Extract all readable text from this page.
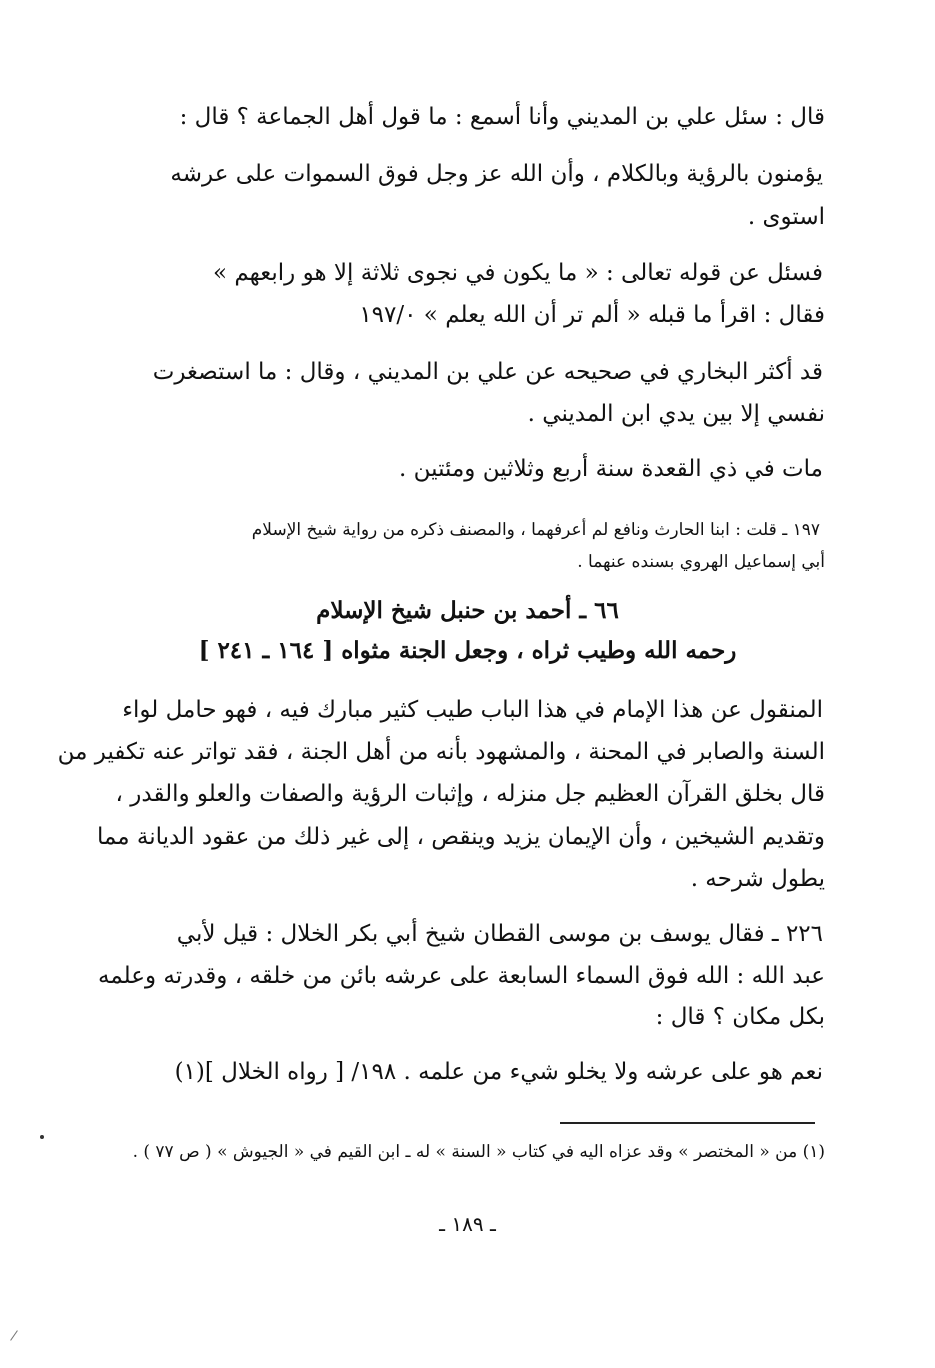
قال : سئل علي بن المديني وأنا أسمع : ما قول أهل الجماعة ؟ قال :
يؤمنون بالرؤية وبالكلام ، وأن الله عز وجل فوق السموات على عرشه
استوى .
فسئل عن قوله تعالى : « ما يكون في نجوى ثلاثة إلا هو رابعهم »
فقال : اقرأ ما قبله « ألم تر أن الله يعلم » ١٩٧/٠
قد أكثر البخاري في صحيحه عن علي بن المديني ، وقال : ما استصغرت
نفسي إلا بين يدي ابن المديني .
مات في ذي القعدة سنة أربع وثلاثين ومئتين .
١٩٧ ـ قلت : ابنا الحارث ونافع لم أعرفهما ، والمصنف ذكره من رواية شيخ الإسلام
أبي إسماعيل الهروي بسنده عنهما .
٦٦ ـ أحمد بن حنبل شيخ الإسلام
رحمه الله وطيب ثراه ، وجعل الجنة مثواه [ ١٦٤ ـ ٢٤١ ]
المنقول عن هذا الإمام في هذا الباب طيب كثير مبارك فيه ، فهو حامل لواء
السنة والصابر في المحنة ، والمشهود بأنه من أهل الجنة ، فقد تواتر عنه تكفير من
قال بخلق القرآن العظيم جل منزله ، وإثبات الرؤية والصفات والعلو والقدر ،
وتقديم الشيخين ، وأن الإيمان يزيد وينقص ، إلى غير ذلك من عقود الديانة مما
يطول شرحه .
٢٢٦ ـ فقال يوسف بن موسى القطان شيخ أبي بكر الخلال : قيل لأبي
عبد الله : الله فوق السماء السابعة على عرشه بائن من خلقه ، وقدرته وعلمه
بكل مكان ؟ قال :
نعم هو على عرشه ولا يخلو شيء من علمه . ١٩٨/ [ رواه الخلال ](١)
(١) من « المختصر » وقد عزاه اليه في كتاب « السنة » له ـ ابن القيم في « الجيوش » ( ص ٧٧ ) .
ـ ١٨٩ ـ
